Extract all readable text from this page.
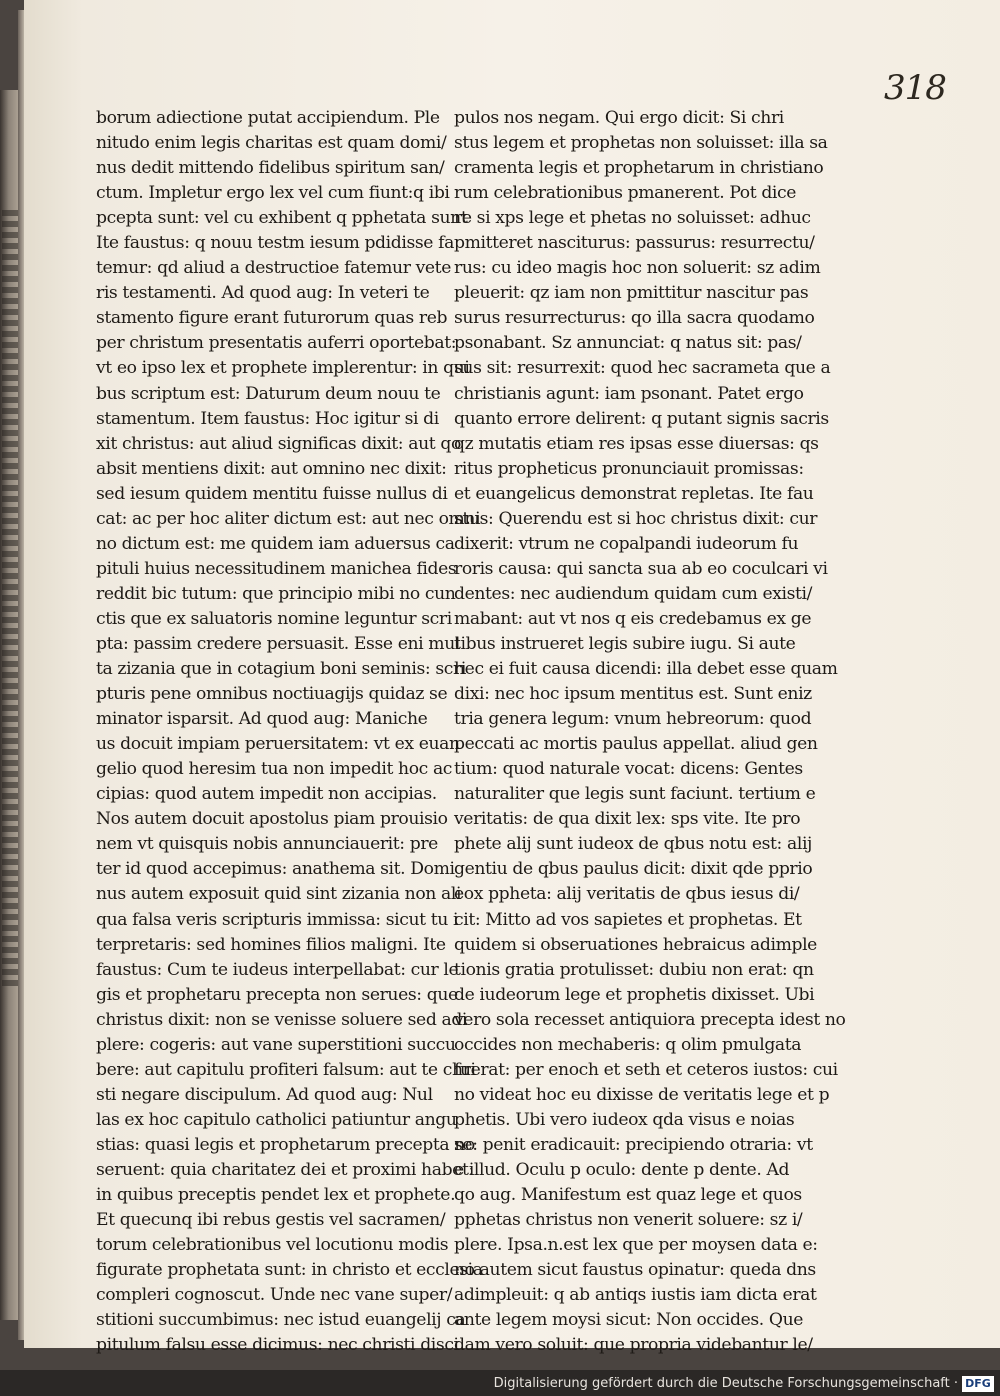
318
borum adiectione putat accipiendum. Ple
nitudo enim legis charitas est quam domi/
nus dedit mittendo fidelibus spiritum san/
ctum. Impletur ergo lex vel cum fiunt:q ibi
pcepta sunt: vel cu exhibent q pphetata sunt
Ite faustus: q nouu testm iesum pdidisse fa
temur: qd aliud a destructioe fatemur vete
ris testamenti. Ad quod aug: In veteri te
stamento figure erant futurorum quas reb
per christum presentatis auferri oportebat:
vt eo ipso lex et prophete implerentur: in qui
bus scriptum est: Daturum deum nouu te
stamentum. Item faustus: Hoc igitur si di
xit christus: aut aliud significas dixit: aut qo
absit mentiens dixit: aut omnino nec dixit:
sed iesum quidem mentitu fuisse nullus di
cat: ac per hoc aliter dictum est: aut nec omni
no dictum est: me quidem iam aduersus ca
pituli huius necessitudinem manichea fides
reddit bic tutum: que principio mibi no cun
ctis que ex saluatoris nomine leguntur scri
pta: passim credere persuasit. Esse eni mul
ta zizania que in cotagium boni seminis: scri
pturis pene omnibus noctiuagijs quidaz se
minator isparsit. Ad quod aug: Maniche
us docuit impiam peruersitatem: vt ex euan
gelio quod heresim tua non impedit hoc ac
cipias: quod autem impedit non accipias.
Nos autem docuit apostolus piam prouisio
nem vt quisquis nobis annunciauerit: pre
ter id quod accepimus: anathema sit. Domi
nus autem exposuit quid sint zizania non ali
qua falsa veris scripturis immissa: sicut tu i
terpretaris: sed homines filios maligni. Ite
faustus: Cum te iudeus interpellabat: cur le
gis et prophetaru precepta non serues: que
christus dixit: non se venisse soluere sed adi
plere: cogeris: aut vane superstitioni succu
bere: aut capitulu profiteri falsum: aut te chri
sti negare discipulum. Ad quod aug: Nul
las ex hoc capitulo catholici patiuntur angu
stias: quasi legis et prophetarum precepta no
seruent: quia charitatez dei et proximi habet:
in quibus preceptis pendet lex et prophete.
Et quecunq ibi rebus gestis vel sacramen/
torum celebrationibus vel locutionu modis
figurate prophetata sunt: in christo et ecclesia
compleri cognoscut. Unde nec vane super/
stitioni succumbimus: nec istud euangelij ca
pitulum falsu esse dicimus: nec christi disci
pulos nos negam. Qui ergo dicit: Si chri
stus legem et prophetas non soluisset: illa sa
cramenta legis et prophetarum in christiano
rum celebrationibus pmanerent. Pot dice
re si xps lege et phetas no soluisset: adhuc
pmitteret nasciturus: passurus: resurrectu/
rus: cu ideo magis hoc non soluerit: sz adim
pleuerit: qz iam non pmittitur nascitur pas
surus resurrecturus: qo illa sacra quodamo
psonabant. Sz annunciat: q natus sit: pas/
sus sit: resurrexit: quod hec sacrameta que a
christianis agunt: iam psonant. Patet ergo
quanto errore delirent: q putant signis sacris
qz mutatis etiam res ipsas esse diuersas: qs
ritus propheticus pronunciauit promissas:
et euangelicus demonstrat repletas. Ite fau
stus: Querendu est si hoc christus dixit: cur
dixerit: vtrum ne copalpandi iudeorum fu
roris causa: qui sancta sua ab eo coculcari vi
dentes: nec audiendum quidam cum existi/
mabant: aut vt nos q eis credebamus ex ge
tibus instrueret legis subire iugu. Si aute
hec ei fuit causa dicendi: illa debet esse quam
dixi: nec hoc ipsum mentitus est. Sunt eniz
tria genera legum: vnum hebreorum: quod
peccati ac mortis paulus appellat. aliud gen
tium: quod naturale vocat: dicens: Gentes
naturaliter que legis sunt faciunt. tertium e
veritatis: de qua dixit lex: sps vite. Ite pro
phete alij sunt iudeox de qbus notu est: alij
gentiu de qbus paulus dicit: dixit qde pprio
eox ppheta: alij veritatis de qbus iesus di/
cit: Mitto ad vos sapietes et prophetas. Et
quidem si obseruationes hebraicus adimple
tionis gratia protulisset: dubiu non erat: qn
de iudeorum lege et prophetis dixisset. Ubi
vero sola recesset antiquiora precepta idest no
occides non mechaberis: q olim pmulgata
fuerat: per enoch et seth et ceteros iustos: cui
no videat hoc eu dixisse de veritatis lege et p
phetis. Ubi vero iudeox qda visus e noias
se: penit eradicauit: precipiendo otraria: vt
e illud. Oculu p oculo: dente p dente. Ad
qo aug. Manifestum est quaz lege et quos
pphetas christus non venerit soluere: sz i/
plere. Ipsa.n.est lex que per moysen data e:
no autem sicut faustus opinatur: queda dns
adimpleuit: q ab antiqs iustis iam dicta erat
ante legem moysi sicut: Non occides. Que
dam vero soluit: que propria videbantur le/
Digitalisierung gefördert durch die Deutsche Forschungsgemeinschaft · DFG
